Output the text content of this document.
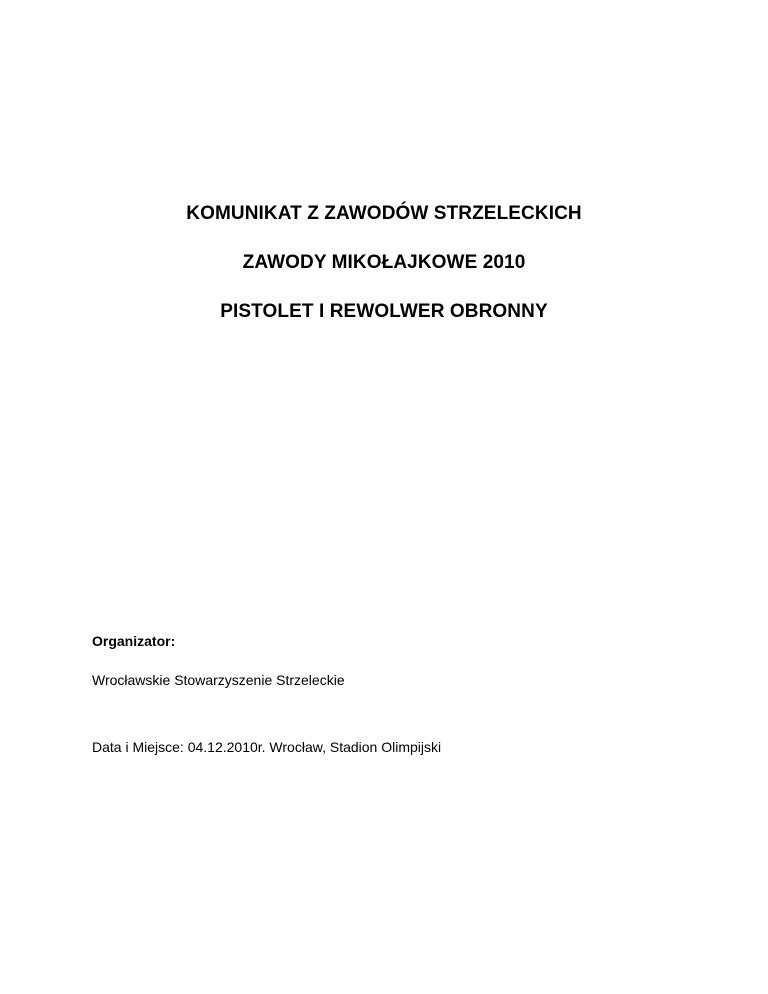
KOMUNIKAT Z ZAWODÓW STRZELECKICH
ZAWODY MIKOŁAJKOWE 2010
PISTOLET I REWOLWER OBRONNY
Organizator:
Wrocławskie Stowarzyszenie Strzeleckie
Data i Miejsce: 04.12.2010r. Wrocław, Stadion Olimpijski
